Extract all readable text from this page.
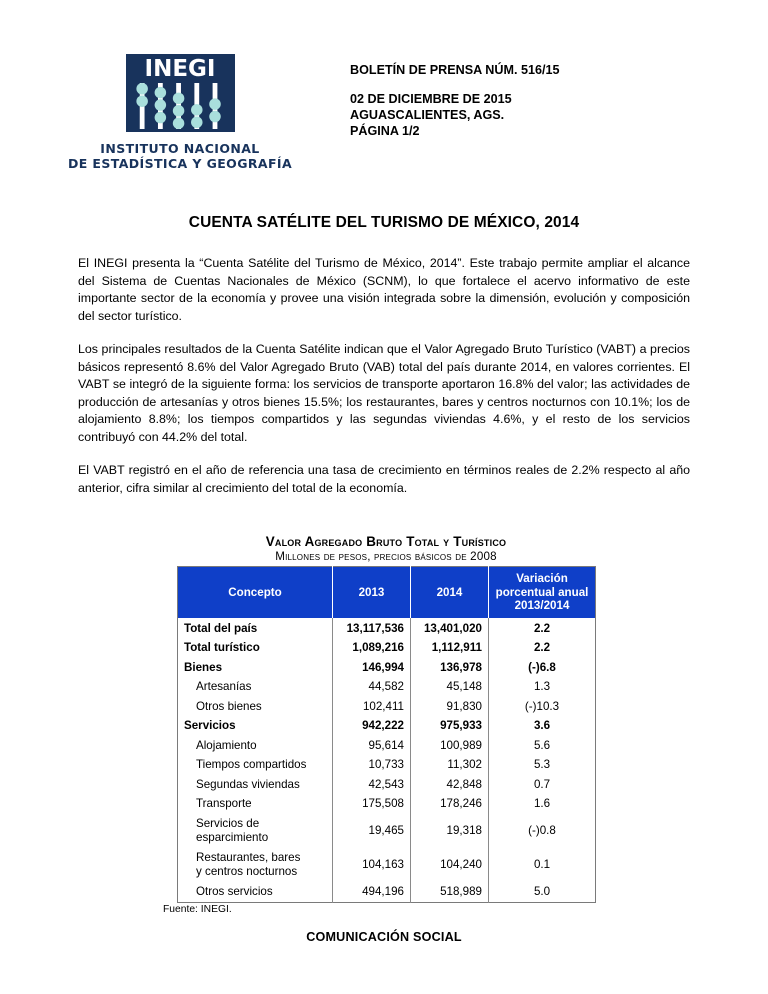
INEGI
INSTITUTO NACIONAL
DE ESTADÍSTICA Y GEOGRAFÍA
BOLETÍN DE PRENSA NÚM. 516/15
02 DE DICIEMBRE DE 2015
AGUASCALIENTES, AGS.
PÁGINA 1/2
CUENTA SATÉLITE DEL TURISMO DE MÉXICO, 2014

El INEGI presenta la “Cuenta Satélite del Turismo de México, 2014”. Este trabajo permite ampliar el alcance del Sistema de Cuentas Nacionales de México (SCNM), lo que fortalece el acervo informativo de este importante sector de la economía y provee una visión integrada sobre la dimensión, evolución y composición del sector turístico.

Los principales resultados de la Cuenta Satélite indican que el Valor Agregado Bruto Turístico (VABT) a precios básicos representó 8.6% del Valor Agregado Bruto (VAB) total del país durante 2014, en valores corrientes. El VABT se integró de la siguiente forma: los servicios de transporte aportaron 16.8% del valor; las actividades de producción de artesanías y otros bienes 15.5%; los restaurantes, bares y centros nocturnos con 10.1%; los de alojamiento 8.8%; los tiempos compartidos y las segundas viviendas 4.6%, y el resto de los servicios contribuyó con 44.2% del total.

El VABT registró en el año de referencia una tasa de crecimiento en términos reales de 2.2% respecto al año anterior, cifra similar al crecimiento del total de la economía.

Valor Agregado Bruto Total y Turístico
Millones de pesos, precios básicos de 2008
Concepto	2013	2014	Variación
porcentual anual
2013/2014

Total del país	13,117,536	13,401,020	2.2

Total turístico	1,089,216	1,112,911	2.2

Bienes	146,994	136,978	(-)6.8

Artesanías	44,582	45,148	1.3

Otros bienes	102,411	91,830	(-)10.3

Servicios	942,222	975,933	3.6

Alojamiento	95,614	100,989	5.6

Tiempos compartidos	10,733	11,302	5.3

Segundas viviendas	42,543	42,848	0.7

Transporte	175,508	178,246	1.6

Servicios de esparcimiento	19,465	19,318	(-)0.8

Restaurantes, bares
y centros nocturnos	104,163	104,240	0.1

Otros servicios	494,196	518,989	5.0
Fuente: INEGI.
COMUNICACIÓN SOCIAL
